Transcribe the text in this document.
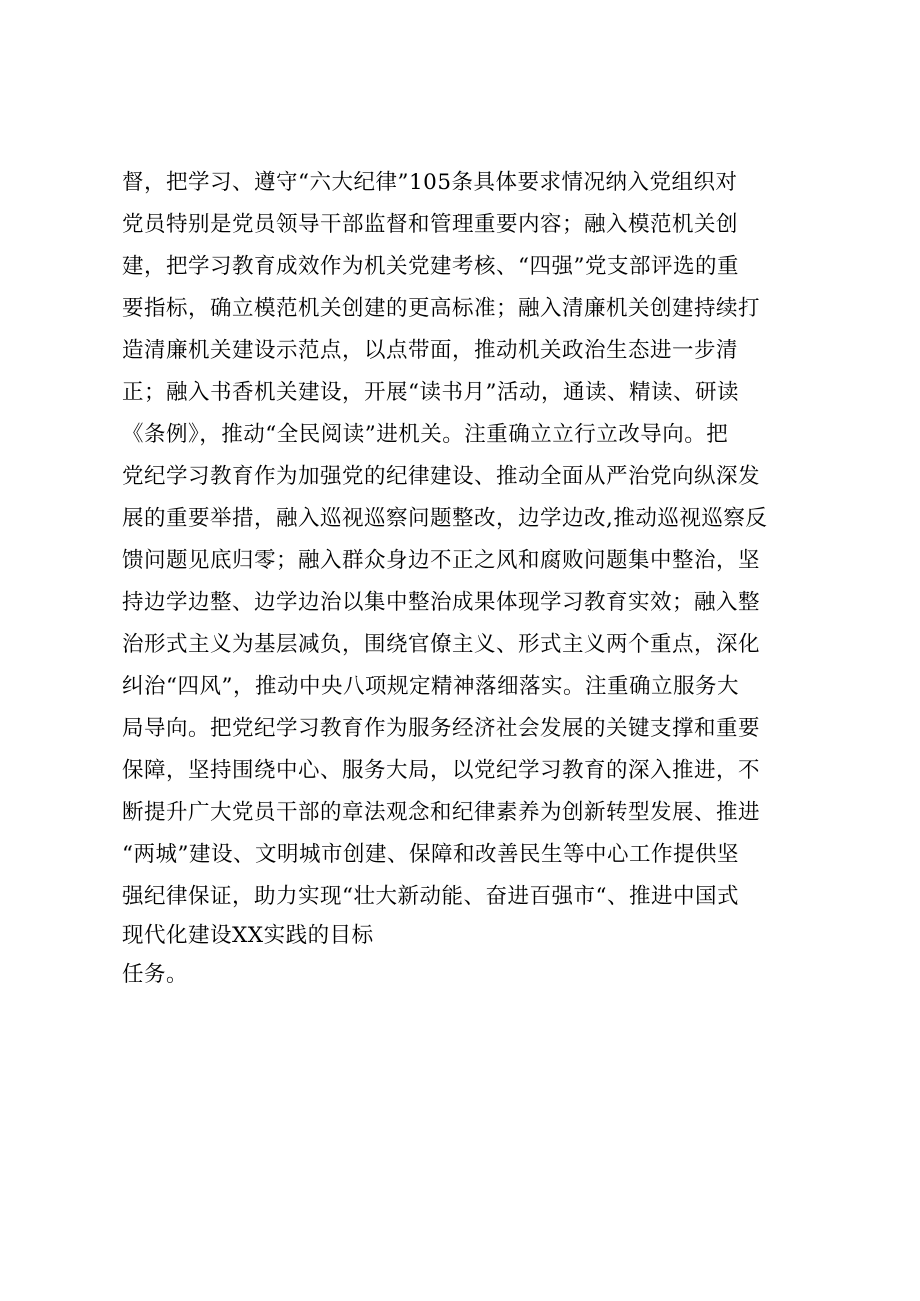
督，把学习、遵守“六大纪律”105条具体要求情况纳入党组织对
党员特别是党员领导干部监督和管理重要内容；融入模范机关创
建，把学习教育成效作为机关党建考核、“四强”党支部评选的重
要指标，确立模范机关创建的更高标准；融入清廉机关创建持续打
造清廉机关建设示范点，以点带面，推动机关政治生态进一步清
正；融入书香机关建设，开展“读书月”活动，通读、精读、研读
《条例》，推动“全民阅读”进机关。注重确立立行立改导向。把
党纪学习教育作为加强党的纪律建设、推动全面从严治党向纵深发
展的重要举措，融入巡视巡察问题整改，边学边改,推动巡视巡察反
馈问题见底归零；融入群众身边不正之风和腐败问题集中整治，坚
持边学边整、边学边治以集中整治成果体现学习教育实效；融入整
治形式主义为基层减负，围绕官僚主义、形式主义两个重点，深化
纠治“四风”，推动中央八项规定精神落细落实。注重确立服务大
局导向。把党纪学习教育作为服务经济社会发展的关键支撑和重要
保障，坚持围绕中心、服务大局，以党纪学习教育的深入推进，不
断提升广大党员干部的章法观念和纪律素养为创新转型发展、推进
“两城”建设、文明城市创建、保障和改善民生等中心工作提供坚
强纪律保证，助力实现“壮大新动能、奋进百强市“、推进中国式
现代化建设XX实践的目标
任务。
